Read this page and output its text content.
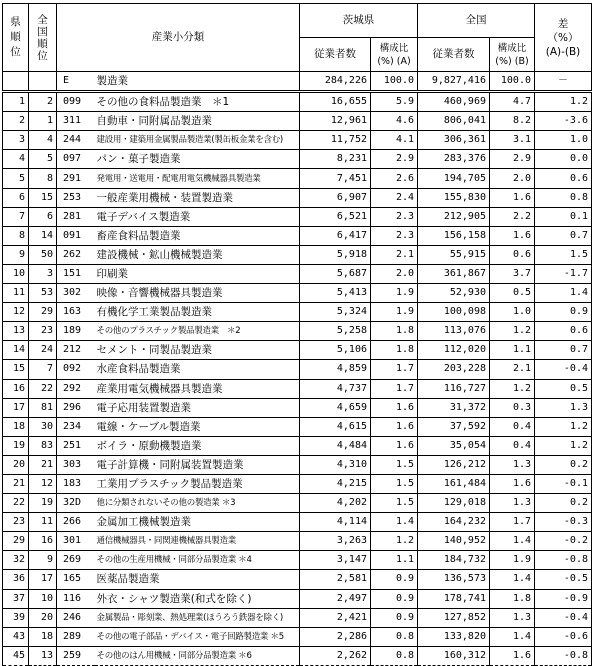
県
順
位	全
国
順
位	産業小分類		茨城県		全国		差
（%）
(A)-(B)
				従業者数	構成比
(%) (A)	従業者数	構成比
(%) (B)	
		E	製造業	284,226	100.0	9,827,416	100.0	－
1	2	099	その他の食料品製造業　＊1	16,655	5.9	460,969	4.7	1.2
2	1	311	自動車・同附属品製造業	12,961	4.6	806,041	8.2	-3.6
3	4	244	建設用・建築用金属製品製造業(製缶板金業を含む)	11,752	4.1	306,361	3.1	1.0
4	5	097	パン・菓子製造業	8,231	2.9	283,376	2.9	0.0
5	8	291	発電用・送電用・配電用電気機械器具製造業	7,451	2.6	194,705	2.0	0.6
6	15	253	一般産業用機械・装置製造業	6,907	2.4	155,830	1.6	0.8
7	6	281	電子デバイス製造業	6,521	2.3	212,905	2.2	0.1
8	14	091	畜産食料品製造業	6,417	2.3	156,158	1.6	0.7
9	50	262	建設機械・鉱山機械製造業	5,918	2.1	55,915	0.6	1.5
10	3	151	印刷業	5,687	2.0	361,867	3.7	-1.7
11	53	302	映像・音響機械器具製造業	5,413	1.9	52,930	0.5	1.4
12	29	163	有機化学工業製品製造業	5,324	1.9	100,098	1.0	0.9
13	23	189	その他のプラスチック製品製造業　＊2	5,258	1.8	113,076	1.2	0.6
14	24	212	セメント・同製品製造業	5,106	1.8	112,020	1.1	0.7
15	7	092	水産食料品製造業	4,859	1.7	203,228	2.1	-0.4
16	22	292	産業用電気機械器具製造業	4,737	1.7	116,727	1.2	0.5
17	81	296	電子応用装置製造業	4,659	1.6	31,372	0.3	1.3
18	30	234	電線・ケーブル製造業	4,615	1.6	37,592	0.4	1.2
19	83	251	ボイラ・原動機製造業	4,484	1.6	35,054	0.4	1.2
20	21	303	電子計算機・同附属装置製造業	4,310	1.5	126,212	1.3	0.2
21	12	183	工業用プラスチック製品製造業	4,215	1.5	161,484	1.6	-0.1
22	19	32D	他に分類されないその他の製造業 ＊3	4,202	1.5	129,018	1.3	0.2
23	11	266	金属加工機械製造業	4,114	1.4	164,232	1.7	-0.3
29	16	301	通信機械器具・同関連機械器具製造業	3,263	1.2	140,952	1.4	-0.2
32	9	269	その他の生産用機械・同部分品製造業 ＊4	3,147	1.1	184,732	1.9	-0.8
36	17	165	医薬品製造業	2,581	0.9	136,573	1.4	-0.5
37	10	116	外衣・シャツ製造業(和式を除く)	2,497	0.9	178,741	1.8	-0.9
39	20	246	金属製品・彫刻業、熱処理業(ほうろう鉄器を除く)	2,421	0.9	127,852	1.3	-0.4
43	18	289	その他の電子部品・デバイス・電子回路製造業 ＊5	2,286	0.8	133,820	1.4	-0.6
45	13	259	その他のはん用機械・同部分品製造業 ＊6	2,262	0.8	160,312	1.6	-0.8
